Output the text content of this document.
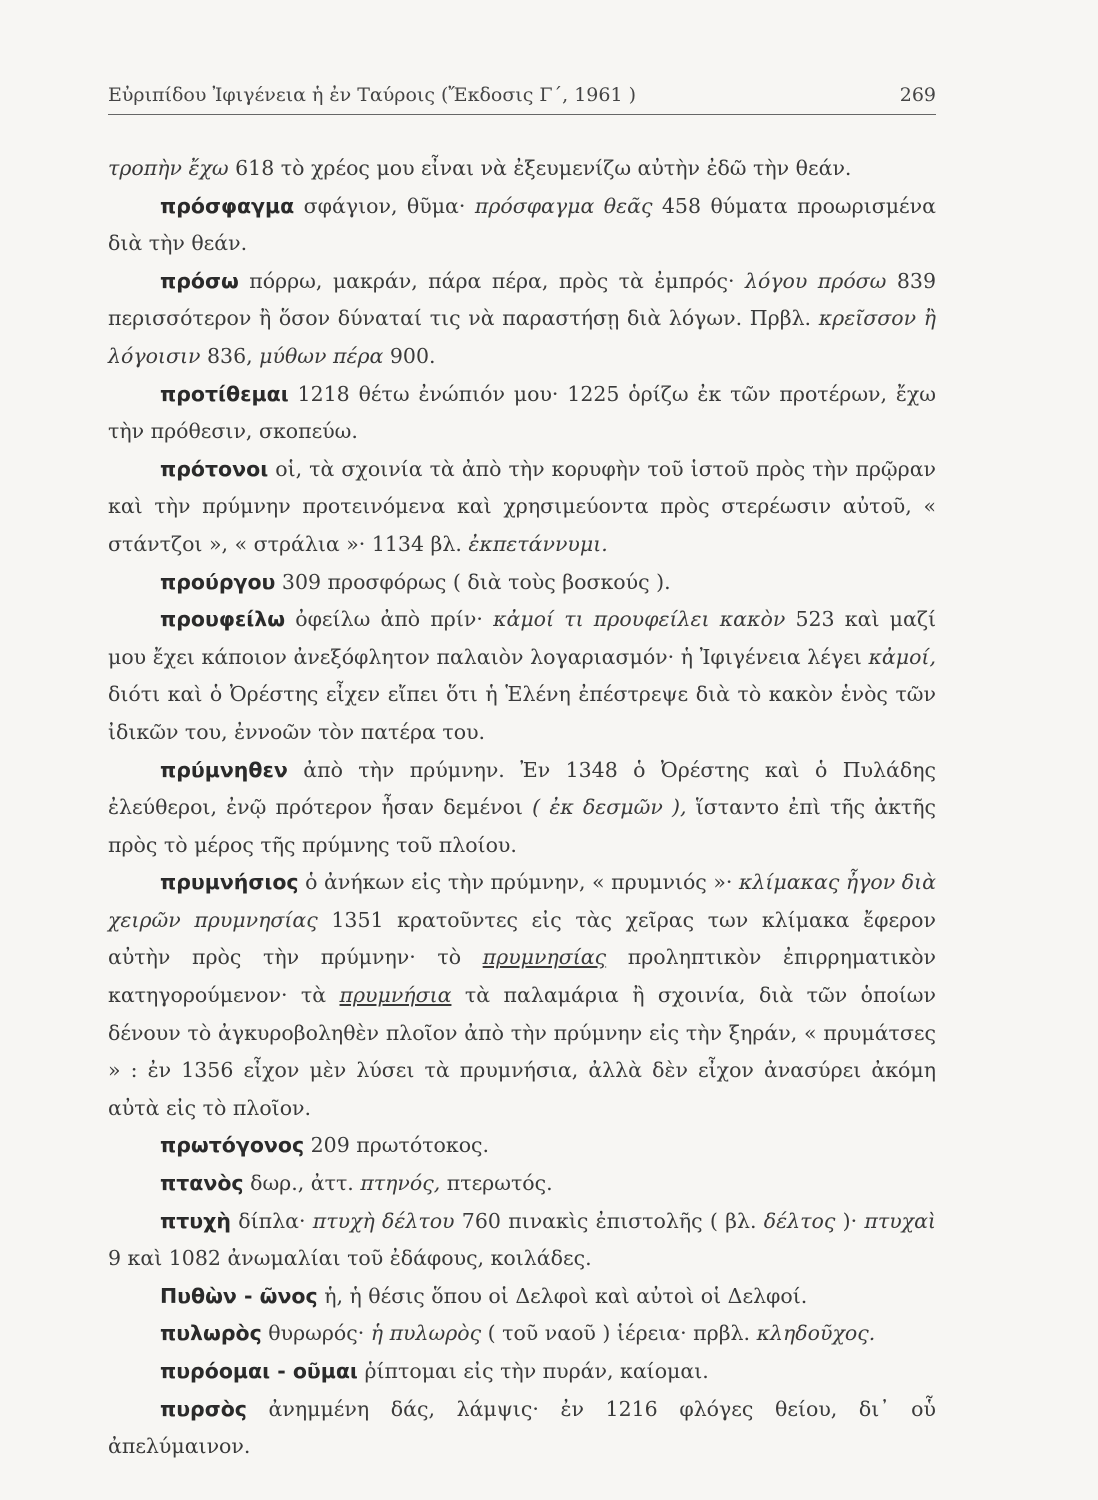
Εὐριπίδου Ἰφιγένεια ἡ ἐν Ταύροις (Ἔκδοσις Γ΄, 1961 )	269

τροπὴν ἔχω 618 τὸ χρέος μου εἶναι νὰ ἐξευμενίζω αὐτὴν ἐδῶ τὴν θεάν.

πρόσφαγμα σφάγιον, θῦμα· πρόσφαγμα θεᾶς 458 θύματα προωρισμένα διὰ τὴν θεάν.

πρόσω πόρρω, μακράν, πάρα πέρα, πρὸς τὰ ἐμπρός· λόγου πρόσω 839 περισσότερον ἢ ὅσον δύναταί τις νὰ παραστήσῃ διὰ λόγων. Πρβλ. κρεῖσσον ἢ λόγοισιν 836, μύθων πέρα 900.

προτίθεμαι 1218 θέτω ἐνώπιόν μου· 1225 ὁρίζω ἐκ τῶν προτέρων, ἔχω τὴν πρόθεσιν, σκοπεύω.

πρότονοι οἱ, τὰ σχοινία τὰ ἀπὸ τὴν κορυφὴν τοῦ ἱστοῦ πρὸς τὴν πρῷραν καὶ τὴν πρύμνην προτεινόμενα καὶ χρησιμεύοντα πρὸς στερέωσιν αὐτοῦ, « στάντζοι », « στράλια »· 1134 βλ. ἐκπετάννυμι.

προύργου 309 προσφόρως ( διὰ τοὺς βοσκούς ).

προυφείλω ὀφείλω ἀπὸ πρίν· κἀμοί τι προυφείλει κακὸν 523 καὶ μαζί μου ἔχει κάποιον ἀνεξόφλητον παλαιὸν λογαριασμόν· ἡ Ἰφιγένεια λέγει κἀμοί, διότι καὶ ὁ Ὀρέστης εἶχεν εἴπει ὅτι ἡ Ἑλένη ἐπέστρεψε διὰ τὸ κακὸν ἑνὸς τῶν ἰδικῶν του, ἐννοῶν τὸν πατέρα του.

πρύμνηθεν ἀπὸ τὴν πρύμνην. Ἐν 1348 ὁ Ὀρέστης καὶ ὁ Πυλάδης ἐλεύθεροι, ἐνῷ πρότερον ἦσαν δεμένοι ( ἐκ δεσμῶν ), ἵσταντο ἐπὶ τῆς ἀκτῆς πρὸς τὸ μέρος τῆς πρύμνης τοῦ πλοίου.

πρυμνήσιος ὁ ἀνήκων εἰς τὴν πρύμνην, « πρυμνιός »· κλίμακας ἦγον διὰ χειρῶν πρυμνησίας 1351 κρατοῦντες εἰς τὰς χεῖρας των κλίμακα ἔφερον αὐτὴν πρὸς τὴν πρύμνην· τὸ πρυμνησίας προληπτικὸν ἐπιρρηματικὸν κατηγορούμενον· τὰ πρυμνήσια τὰ παλαμάρια ἢ σχοινία, διὰ τῶν ὁποίων δένουν τὸ ἀγκυροβοληθὲν πλοῖον ἀπὸ τὴν πρύμνην εἰς τὴν ξηράν, « πρυμάτσες » : ἐν 1356 εἶχον μὲν λύσει τὰ πρυμνήσια, ἀλλὰ δὲν εἶχον ἀνασύρει ἀκόμη αὐτὰ εἰς τὸ πλοῖον.

πρωτόγονος 209 πρωτότοκος.

πτανὸς δωρ., ἀττ. πτηνός, πτερωτός.

πτυχὴ δίπλα· πτυχὴ δέλτου 760 πινακὶς ἐπιστολῆς ( βλ. δέλτος )· πτυχαὶ 9 καὶ 1082 ἀνωμαλίαι τοῦ ἐδάφους, κοιλάδες.

Πυθὼν - ῶνος ἡ, ἡ θέσις ὅπου οἱ Δελφοὶ καὶ αὐτοὶ οἱ Δελφοί.

πυλωρὸς θυρωρός· ἡ πυλωρὸς ( τοῦ ναοῦ ) ἱέρεια· πρβλ. κληδοῦχος.

πυρόομαι - οῦμαι ῥίπτομαι εἰς τὴν πυράν, καίομαι.

πυρσὸς ἀνημμένη δάς, λάμψις· ἐν 1216 φλόγες θείου, δι᾿ οὗ ἀπελύμαινον.
